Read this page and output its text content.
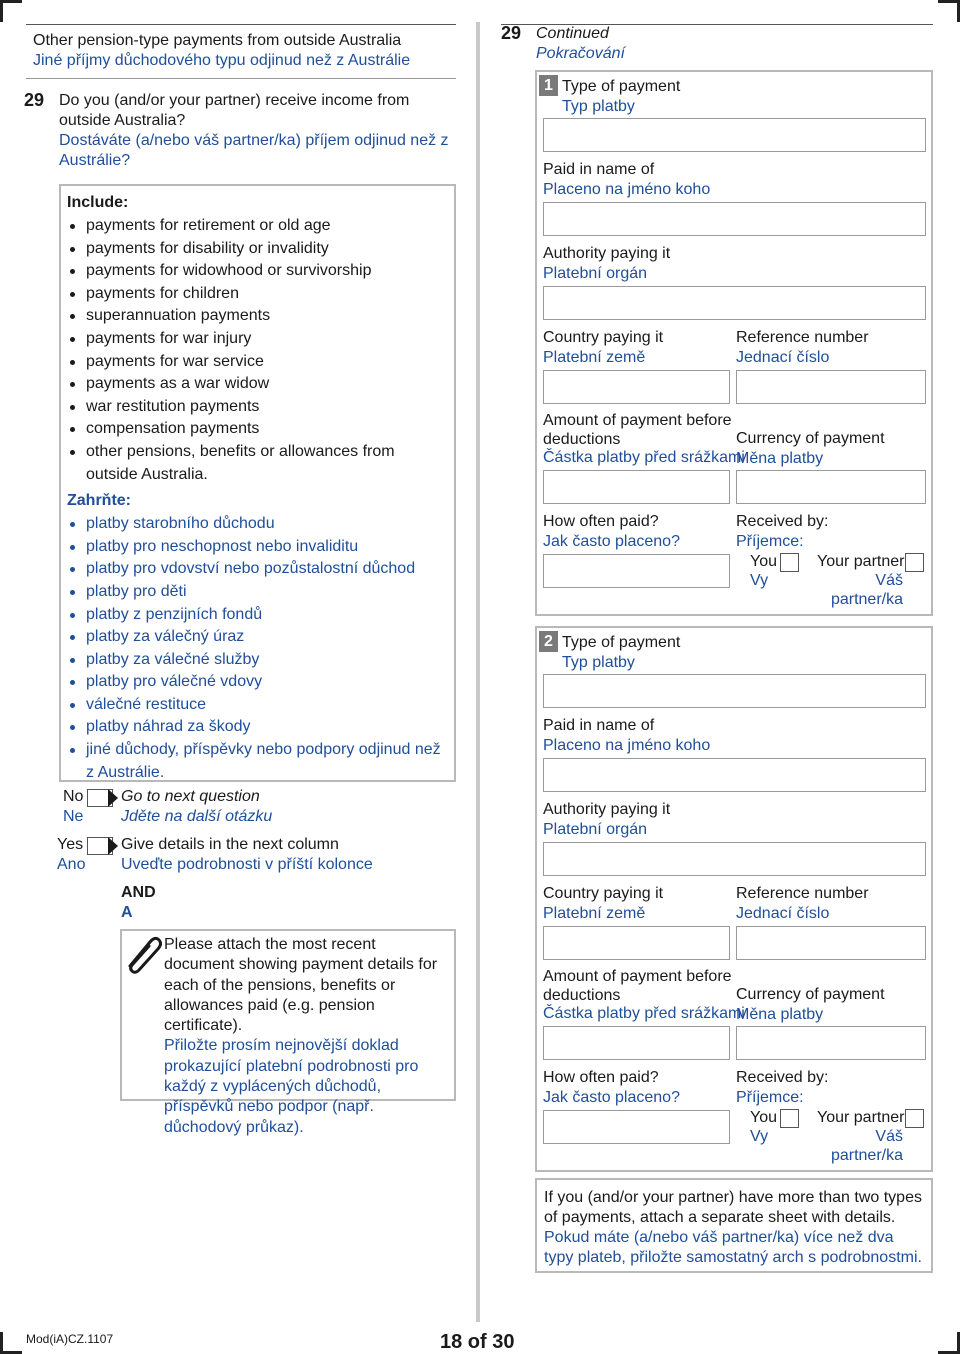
Other pension-type payments from outside Australia
Jiné příjmy důchodového typu odjinud než z Austrálie
29 Do you (and/or your partner) receive income from outside Australia?
Dostáváte (a/nebo váš partner/ka) příjem odjinud než z Austrálie?
Include:
payments for retirement or old age
payments for disability or invalidity
payments for widowhood or survivorship
payments for children
superannuation payments
payments for war injury
payments for war service
payments as a war widow
war restitution payments
compensation payments
other pensions, benefits or allowances from outside Australia.
Zahrňte:
platby starobního důchodu
platby pro neschopnost nebo invaliditu
platby pro vdovství nebo pozůstalostní důchod
platby pro děti
platby z penzijních fondů
platby za válečný úraz
platby za válečné služby
platby pro válečné vdovy
válečné restituce
platby náhrad za škody
jiné důchody, příspěvky nebo podpory odjinud než z Austrálie.
No
Ne
Go to next question
Jděte na další otázku
Yes
Ano
Give details in the next column
Uveďte podrobnosti v příští koloncе
AND
A
Please attach the most recent document showing payment details for each of the pensions, benefits or allowances paid (e.g. pension certificate).
Přiložte prosím nejnovější doklad prokazující platební podrobnosti pro každý z vyplácených důchodů, příspěvků nebo podpor (např. důchodový průkaz).
29 Continued
Pokračování
1 Type of payment
Typ platby
Paid in name of
Placeno na jméno koho
Authority paying it
Platební orgán
Country paying it
Platební země
Reference number
Jednací číslo
Amount of payment before deductions
Částka platby před srážkami
Currency of payment
Měna platby
How often paid?
Jak často placeno?
Received by:
Příjemce:
You
Vy
Your partner
Váš partner/ka
2 Type of payment
Typ platby
Paid in name of
Placeno na jméno koho
Authority paying it
Platební orgán
Country paying it
Platební země
Reference number
Jednací číslo
Amount of payment before deductions
Částka platby před srážkami
Currency of payment
Měna platby
How often paid?
Jak často placeno?
Received by:
Příjemce:
You
Vy
Your partner
Váš partner/ka
If you (and/or your partner) have more than two types of payments, attach a separate sheet with details.
Pokud máte (a/nebo váš partner/ka) více než dva typy plateb, přiložte samostatný arch s podrobnostmi.
Mod(iA)CZ.1107	18 of 30
